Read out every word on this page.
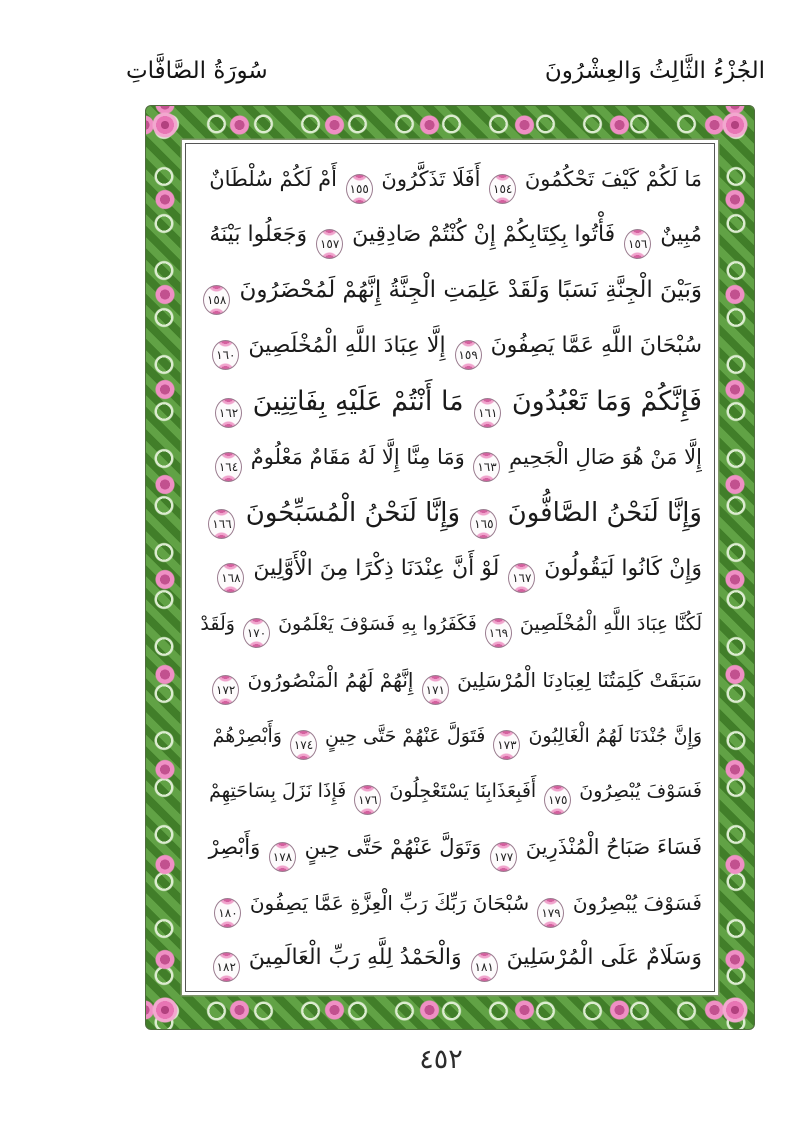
سُورَةُ الصَّافَّاتِ	الجُزْءُ الثَّالِثُ وَالعِشْرُونَ
مَا لَكُمْ كَيْفَ تَحْكُمُونَ ١٥٤ أَفَلَا تَذَكَّرُونَ ١٥٥ أَمْ لَكُمْ سُلْطَانٌ
مُبِينٌ ١٥٦ فَأْتُوا بِكِتَابِكُمْ إِنْ كُنْتُمْ صَادِقِينَ ١٥٧ وَجَعَلُوا بَيْنَهُ
وَبَيْنَ الْجِنَّةِ نَسَبًا وَلَقَدْ عَلِمَتِ الْجِنَّةُ إِنَّهُمْ لَمُحْضَرُونَ ١٥٨
سُبْحَانَ اللَّهِ عَمَّا يَصِفُونَ ١٥٩ إِلَّا عِبَادَ اللَّهِ الْمُخْلَصِينَ ١٦٠
فَإِنَّكُمْ وَمَا تَعْبُدُونَ ١٦١ مَا أَنْتُمْ عَلَيْهِ بِفَاتِنِينَ ١٦٢
إِلَّا مَنْ هُوَ صَالِ الْجَحِيمِ ١٦٣ وَمَا مِنَّا إِلَّا لَهُ مَقَامٌ مَعْلُومٌ ١٦٤
وَإِنَّا لَنَحْنُ الصَّافُّونَ ١٦٥ وَإِنَّا لَنَحْنُ الْمُسَبِّحُونَ ١٦٦
وَإِنْ كَانُوا لَيَقُولُونَ ١٦٧ لَوْ أَنَّ عِنْدَنَا ذِكْرًا مِنَ الْأَوَّلِينَ ١٦٨
لَكُنَّا عِبَادَ اللَّهِ الْمُخْلَصِينَ ١٦٩ فَكَفَرُوا بِهِ فَسَوْفَ يَعْلَمُونَ ١٧٠ وَلَقَدْ
سَبَقَتْ كَلِمَتُنَا لِعِبَادِنَا الْمُرْسَلِينَ ١٧١ إِنَّهُمْ لَهُمُ الْمَنْصُورُونَ ١٧٢
وَإِنَّ جُنْدَنَا لَهُمُ الْغَالِبُونَ ١٧٣ فَتَوَلَّ عَنْهُمْ حَتَّى حِينٍ ١٧٤ وَأَبْصِرْهُمْ
فَسَوْفَ يُبْصِرُونَ ١٧٥ أَفَبِعَذَابِنَا يَسْتَعْجِلُونَ ١٧٦ فَإِذَا نَزَلَ بِسَاحَتِهِمْ
فَسَاءَ صَبَاحُ الْمُنْذَرِينَ ١٧٧ وَتَوَلَّ عَنْهُمْ حَتَّى حِينٍ ١٧٨ وَأَبْصِرْ
فَسَوْفَ يُبْصِرُونَ ١٧٩ سُبْحَانَ رَبِّكَ رَبِّ الْعِزَّةِ عَمَّا يَصِفُونَ ١٨٠
وَسَلَامٌ عَلَى الْمُرْسَلِينَ ١٨١ وَالْحَمْدُ لِلَّهِ رَبِّ الْعَالَمِينَ ١٨٢
٤٥٢
